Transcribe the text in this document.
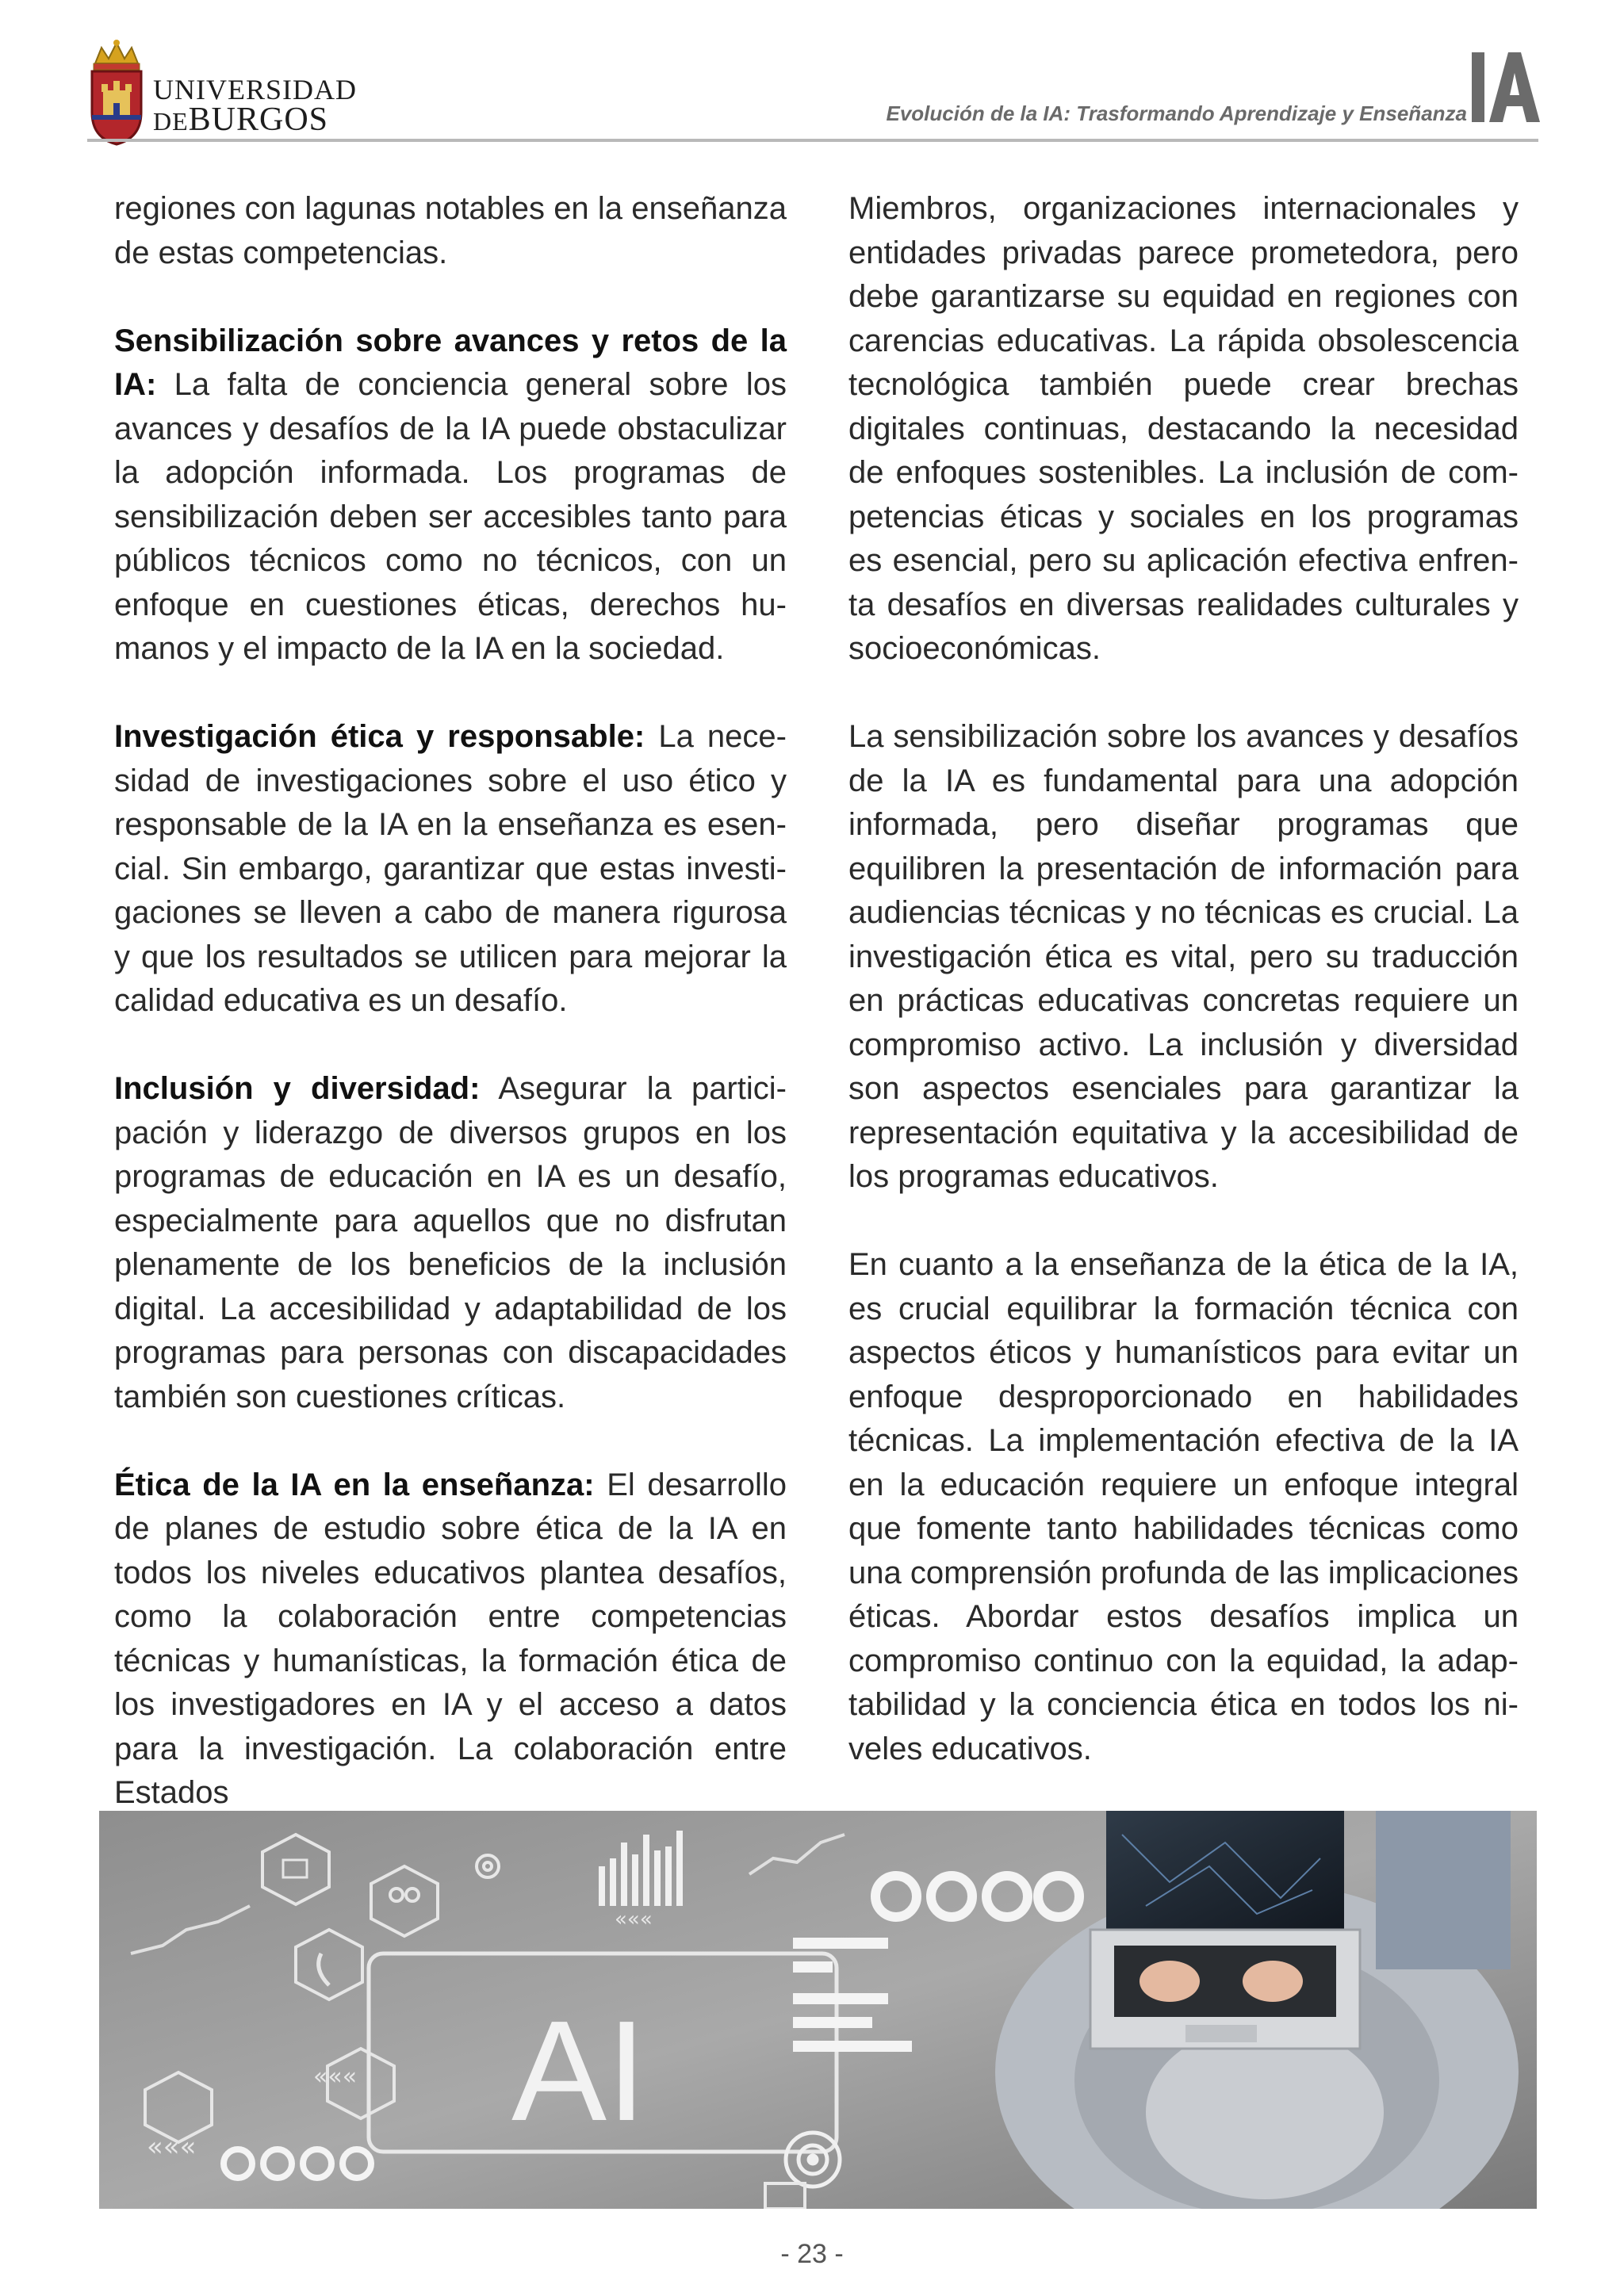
UNIVERSIDAD
DEBURGOS	Evolución de la IA: Trasformando Aprendizaje y Enseñanza

regiones con lagunas notables en la enseñanza de estas competencias.

Sensibilización sobre avances y retos de la IA: La falta de conciencia general sobre los avances y desafíos de la IA puede obstaculizar la adopción informada. Los programas de sensibilización deben ser accesibles tanto para públicos técnicos como no técnicos, con un enfoque en cuestiones éticas, derechos humanos y el impacto de la IA en la sociedad.

Investigación ética y responsable: La necesidad de investigaciones sobre el uso ético y responsable de la IA en la enseñanza es esencial. Sin embargo, garantizar que estas investigaciones se lleven a cabo de manera rigurosa y que los resultados se utilicen para mejorar la calidad educativa es un desafío.

Inclusión y diversidad: Asegurar la participación y liderazgo de diversos grupos en los programas de educación en IA es un desafío, especialmente para aquellos que no disfrutan plenamente de los beneficios de la inclusión digital. La accesibilidad y adaptabilidad de los programas para personas con discapacidades también son cuestiones críticas.

Ética de la IA en la enseñanza: El desarrollo de planes de estudio sobre ética de la IA en todos los niveles educativos plantea desafíos, como la colaboración entre competencias técnicas y humanísticas, la formación ética de los investigadores en IA y el acceso a datos para la investigación. La colaboración entre Estados

Miembros, organizaciones internacionales y entidades privadas parece prometedora, pero debe garantizarse su equidad en regiones con carencias educativas. La rápida obsolescencia tecnológica también puede crear brechas digitales continuas, destacando la necesidad de enfoques sostenibles. La inclusión de competencias éticas y sociales en los programas es esencial, pero su aplicación efectiva enfrenta desafíos en diversas realidades culturales y socioeconómicas.

La sensibilización sobre los avances y desafíos de la IA es fundamental para una adopción informada, pero diseñar programas que equilibren la presentación de información para audiencias técnicas y no técnicas es crucial. La investigación ética es vital, pero su traducción en prácticas educativas concretas requiere un compromiso activo. La inclusión y diversidad son aspectos esenciales para garantizar la representación equitativa y la accesibilidad de los programas educativos.

En cuanto a la enseñanza de la ética de la IA, es crucial equilibrar la formación técnica con aspectos éticos y humanísticos para evitar un enfoque desproporcionado en habilidades técnicas. La implementación efectiva de la IA en la educación requiere un enfoque integral que fomente tanto habilidades técnicas como una comprensión profunda de las implicaciones éticas. Abordar estos desafíos implica un compromiso continuo con la equidad, la adaptabilidad y la conciencia ética en todos los niveles educativos.

AI
«««
«««
«««
- 23 -
